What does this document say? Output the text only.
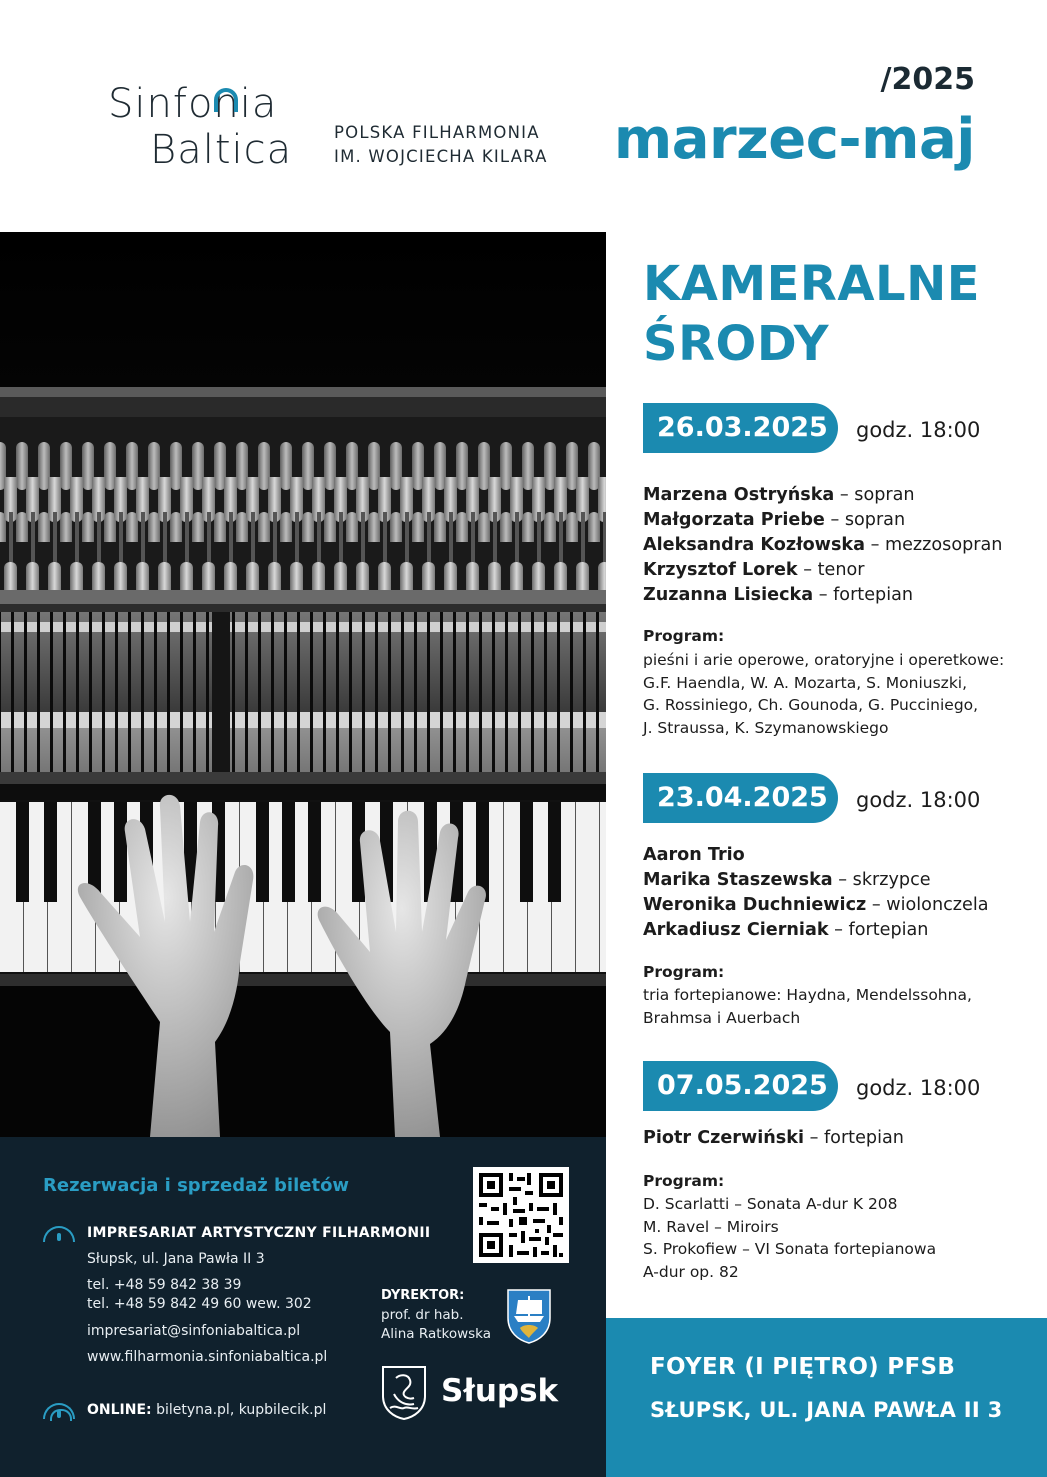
Sinfonia
Baltica	POLSKA FILHARMONIA
IM. WOJCIECHA KILARA
/2025
marzec-maj
Rezerwacja i sprzedaż biletów
IMPRESARIAT ARTYSTYCZNY FILHARMONII
Słupsk, ul. Jana Pawła II 3
tel. +48 59 842 38 39
tel. +48 59 842 49 60 wew. 302
impresariat@sinfoniabaltica.pl
www.filharmonia.sinfoniabaltica.pl
ONLINE: biletyna.pl, kupbilecik.pl
DYREKTOR:
prof. dr hab.
Alina Ratkowska
Słupsk
KAMERALNE
ŚRODY
26.03.2025	godz. 18:00
Marzena Ostryńska – sopran
Małgorzata Priebe – sopran
Aleksandra Kozłowska – mezzosopran
Krzysztof Lorek – tenor
Zuzanna Lisiecka – fortepian
Program:
pieśni i arie operowe, oratoryjne i operetkowe:
G.F. Haendla, W. A. Mozarta, S. Moniuszki,
G. Rossiniego, Ch. Gounoda, G. Pucciniego,
J. Straussa, K. Szymanowskiego
23.04.2025	godz. 18:00
Aaron Trio
Marika Staszewska – skrzypce
Weronika Duchniewicz – wiolonczela
Arkadiusz Cierniak – fortepian
Program:
tria fortepianowe: Haydna, Mendelssohna,
Brahmsa i Auerbach
07.05.2025	godz. 18:00
Piotr Czerwiński – fortepian
Program:
D. Scarlatti – Sonata A-dur K 208
M. Ravel – Miroirs
S. Prokofiew – VI Sonata fortepianowa
A-dur op. 82
FOYER (I PIĘTRO) PFSB
SŁUPSK, UL. JANA PAWŁA II 3
